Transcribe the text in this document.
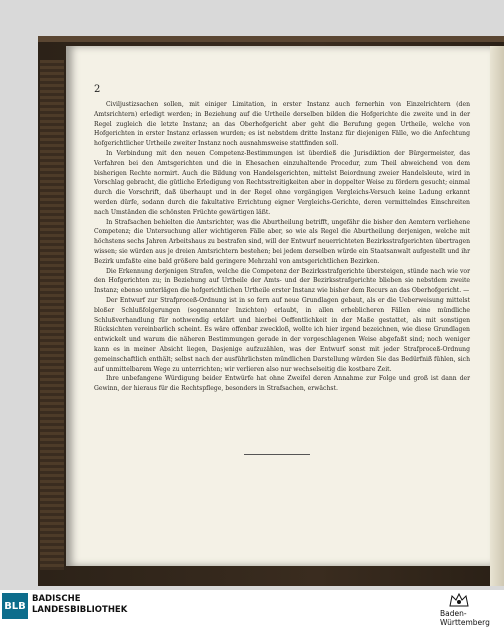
2

Civiljustizsachen sollen, mit einiger Limitation, in erster Instanz auch fernerhin von Einzelrichtern (den Amtsrichtern) erledigt werden; in Beziehung auf die Urtheile derselben bilden die Hofgerichte die zweite und in der Regel zugleich die letzte Instanz; an das Oberhofgericht aber geht die Berufung gegen Urtheile, welche von Hofgerichten in erster Instanz erlassen wurden; es ist nebstdem dritte Instanz für diejenigen Fälle, wo die Anfechtung hofgerichtlicher Urtheile zweiter Instanz noch ausnahmsweise stattfinden soll.

In Verbindung mit den neuen Competenz-Bestimmungen ist überdieß die Jurisdiktion der Bürgermeister, das Verfahren bei den Amtsgerichten und die in Ehesachen einzuhaltende Procedur, zum Theil abweichend von dem bisherigen Rechte normirt. Auch die Bildung von Handelsgerichten, mittelst Beiordnung zweier Handelsleute, wird in Vorschlag gebracht, die gütliche Erledigung von Rechtsstreitigkeiten aber in doppelter Weise zu fördern gesucht; einmal durch die Vorschrift, daß überhaupt und in der Regel ohne vorgängigen Vergleichs-Versuch keine Ladung erkannt werden dürfe, sodann durch die fakultative Errichtung eigner Vergleichs-Gerichte, deren vermittelndes Einschreiten nach Umständen die schönsten Früchte gewärtigen läßt.

In Strafsachen behielten die Amtsrichter, was die Aburtheilung betrifft, ungefähr die bisher den Aemtern verliehene Competenz; die Untersuchung aller wichtigeren Fälle aber, so wie als Regel die Aburtheilung derjenigen, welche mit höchstens sechs Jahren Arbeitshaus zu bestrafen sind, will der Entwurf neuerrichteten Bezirksstrafgerichten übertragen wissen; sie würden aus je dreien Amtsrichtern bestehen; bei jedem derselben würde ein Staatsanwalt aufgestellt und ihr Bezirk umfaßte eine bald größere bald geringere Mehrzahl von amtsgerichtlichen Bezirken.

Die Erkennung derjenigen Strafen, welche die Competenz der Bezirksstrafgerichte übersteigen, stünde nach wie vor den Hofgerichten zu; in Beziehung auf Urtheile der Amts- und der Bezirksstrafgerichte blieben sie nebstdem zweite Instanz; ebenso unterlägen die hofgerichtlichen Urtheile erster Instanz wie bisher dem Recurs an das Oberhofgericht. —

Der Entwurf zur Strafproceß-Ordnung ist in so fern auf neue Grundlagen gebaut, als er die Ueberweisung mittelst bloßer Schlußfolgerungen (sogenannter Inzichten) erlaubt, in allen erheblicheren Fällen eine mündliche Schlußverhandlung für nothwendig erklärt und hierbei Oeffentlichkeit in der Maße gestattet, als mit sonstigen Rücksichten vereinbarlich scheint. Es wäre offenbar zweckloß, wollte ich hier irgend bezeichnen, wie diese Grundlagen entwickelt und warum die näheren Bestimmungen gerade in der vorgeschlagenen Weise abgefaßt sind; noch weniger kann es in meiner Absicht liegen, Dasjenige aufzuzählen, was der Entwurf sonst mit jeder Strafproceß-Ordnung gemeinschaftlich enthält; selbst nach der ausführlichsten mündlichen Darstellung würden Sie das Bedürfniß fühlen, sich auf unmittelbarem Wege zu unterrichten; wir verlieren also nur wechselseitig die kostbare Zeit.

Ihre unbefangene Würdigung beider Entwürfe hat ohne Zweifel deren Annahme zur Folge und groß ist dann der Gewinn, der hieraus für die Rechtspflege, besonders in Strafsachen, erwächst.

BLB
BADISCHE
LANDESBIBLIOTHEK	Baden-Württemberg
